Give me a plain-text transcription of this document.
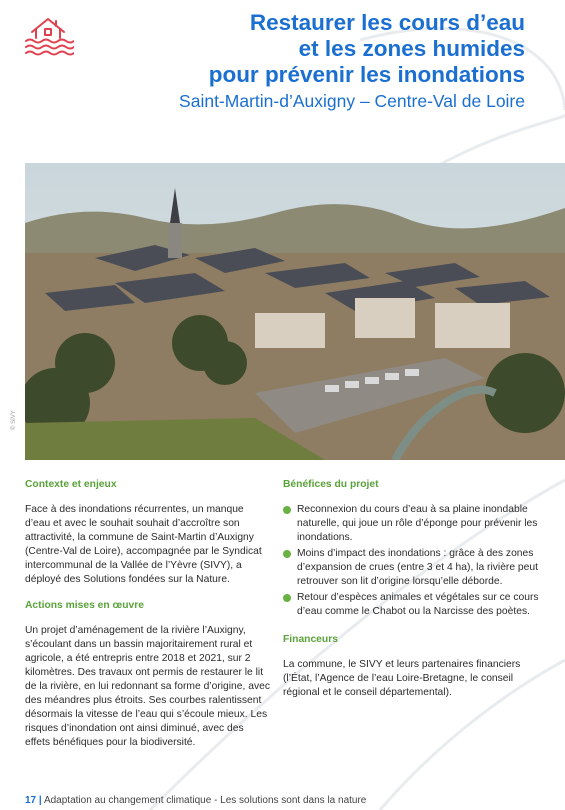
Restaurer les cours d’eau
et les zones humides
pour prévenir les inondations
Saint-Martin-d’Auxigny – Centre-Val de Loire
© SIVY
Contexte et enjeux

Face à des inondations récurrentes, un manque d’eau et avec le souhait souhait d’accroître son attractivité, la commune de Saint-Martin d’Auxigny (Centre-Val de Loire), accompagnée par le Syndicat intercommunal de la Vallée de l’Yèvre (SIVY), a déployé des Solutions fondées sur la Nature.

Actions mises en œuvre

Un projet d’aménagement de la rivière l’Auxigny, s’écoulant dans un bassin majoritairement rural et agricole, a été entrepris entre 2018 et 2021, sur 2 kilomètres. Des travaux ont permis de restaurer le lit de la rivière, en lui redonnant sa forme d’origine, avec des méandres plus étroits. Ses courbes ralentissent désormais la vitesse de l’eau qui s’écoule mieux. Les risques d’inondation ont ainsi diminué, avec des effets bénéfiques pour la biodiversité.

Bénéfices du projet
Reconnexion du cours d’eau à sa plaine inondable naturelle, qui joue un rôle d’éponge pour prévenir les inondations.
Moins d’impact des inondations : grâce à des zones d’expansion de crues (entre 3 et 4 ha), la rivière peut retrouver son lit d’origine lorsqu’elle déborde.
Retour d’espèces animales et végétales sur ce cours d’eau comme le Chabot ou la Narcisse des poètes.
Financeurs

La commune, le SIVY et leurs partenaires financiers (l’État, l’Agence de l’eau Loire-Bretagne, le conseil régional et le conseil départemental).

17 | Adaptation au changement climatique - Les solutions sont dans la nature
